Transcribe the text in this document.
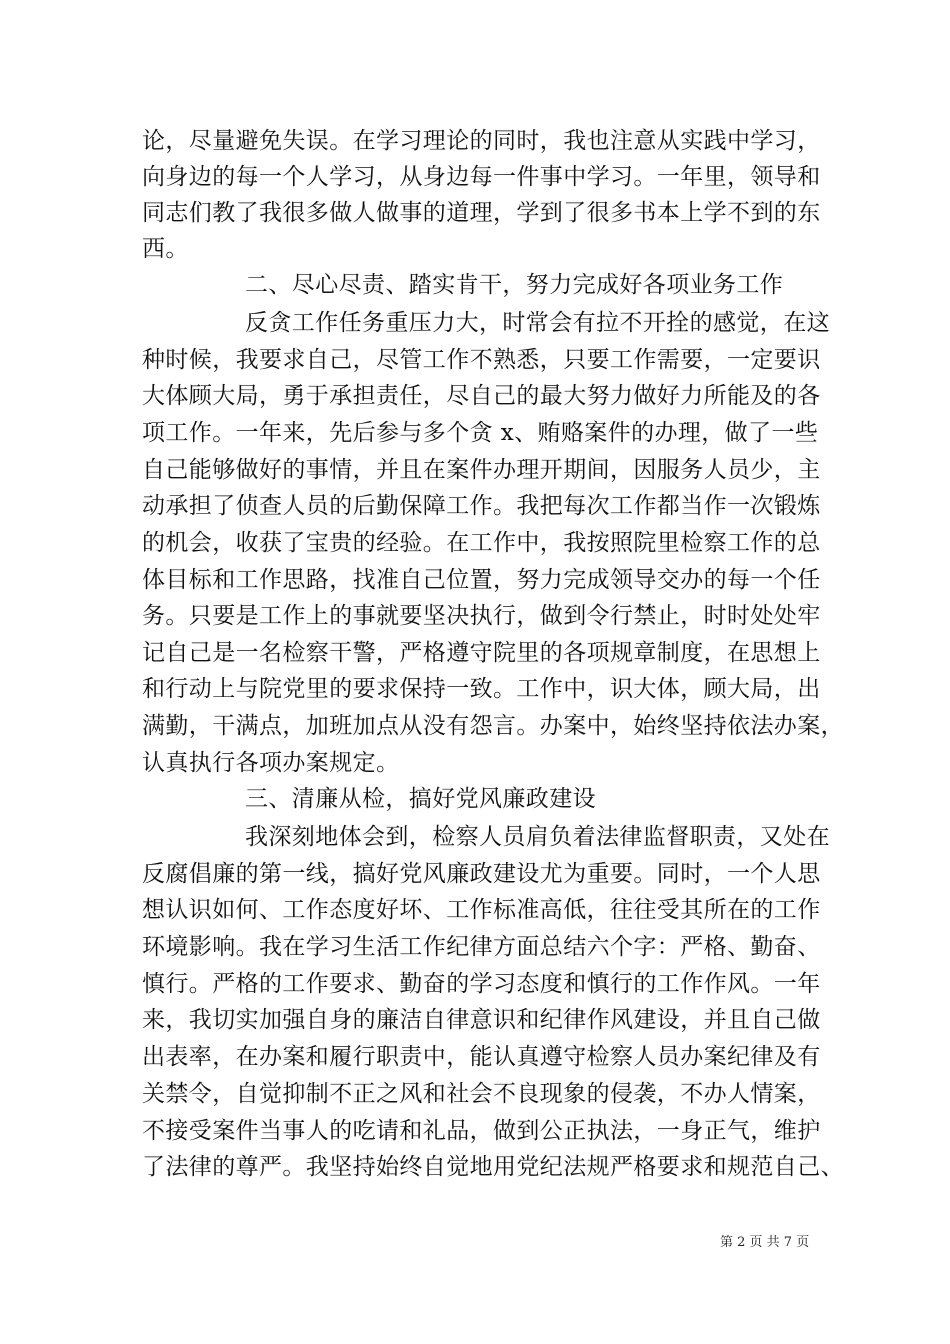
论，尽量避免失误。在学习理论的同时，我也注意从实践中学习，
向身边的每一个人学习，从身边每一件事中学习。一年里，领导和
同志们教了我很多做人做事的道理，学到了很多书本上学不到的东
西。
二、尽心尽责、踏实肯干，努力完成好各项业务工作
反贪工作任务重压力大，时常会有拉不开拴的感觉，在这
种时候，我要求自己，尽管工作不熟悉，只要工作需要，一定要识
大体顾大局，勇于承担责任，尽自己的最大努力做好力所能及的各
项工作。一年来，先后参与多个贪 x、贿赂案件的办理，做了一些
自己能够做好的事情，并且在案件办理开期间，因服务人员少，主
动承担了侦查人员的后勤保障工作。我把每次工作都当作一次锻炼
的机会，收获了宝贵的经验。在工作中，我按照院里检察工作的总
体目标和工作思路，找准自己位置，努力完成领导交办的每一个任
务。只要是工作上的事就要坚决执行，做到令行禁止，时时处处牢
记自己是一名检察干警，严格遵守院里的各项规章制度，在思想上
和行动上与院党里的要求保持一致。工作中，识大体，顾大局，出
满勤，干满点，加班加点从没有怨言。办案中，始终坚持依法办案，
认真执行各项办案规定。
三、清廉从检，搞好党风廉政建设
我深刻地体会到，检察人员肩负着法律监督职责，又处在
反腐倡廉的第一线，搞好党风廉政建设尤为重要。同时，一个人思
想认识如何、工作态度好坏、工作标准高低，往往受其所在的工作
环境影响。我在学习生活工作纪律方面总结六个字：严格、勤奋、
慎行。严格的工作要求、勤奋的学习态度和慎行的工作作风。一年
来，我切实加强自身的廉洁自律意识和纪律作风建设，并且自己做
出表率，在办案和履行职责中，能认真遵守检察人员办案纪律及有
关禁令，自觉抑制不正之风和社会不良现象的侵袭，不办人情案，
不接受案件当事人的吃请和礼品，做到公正执法，一身正气，维护
了法律的尊严。我坚持始终自觉地用党纪法规严格要求和规范自己、
第 2 页 共 7 页
